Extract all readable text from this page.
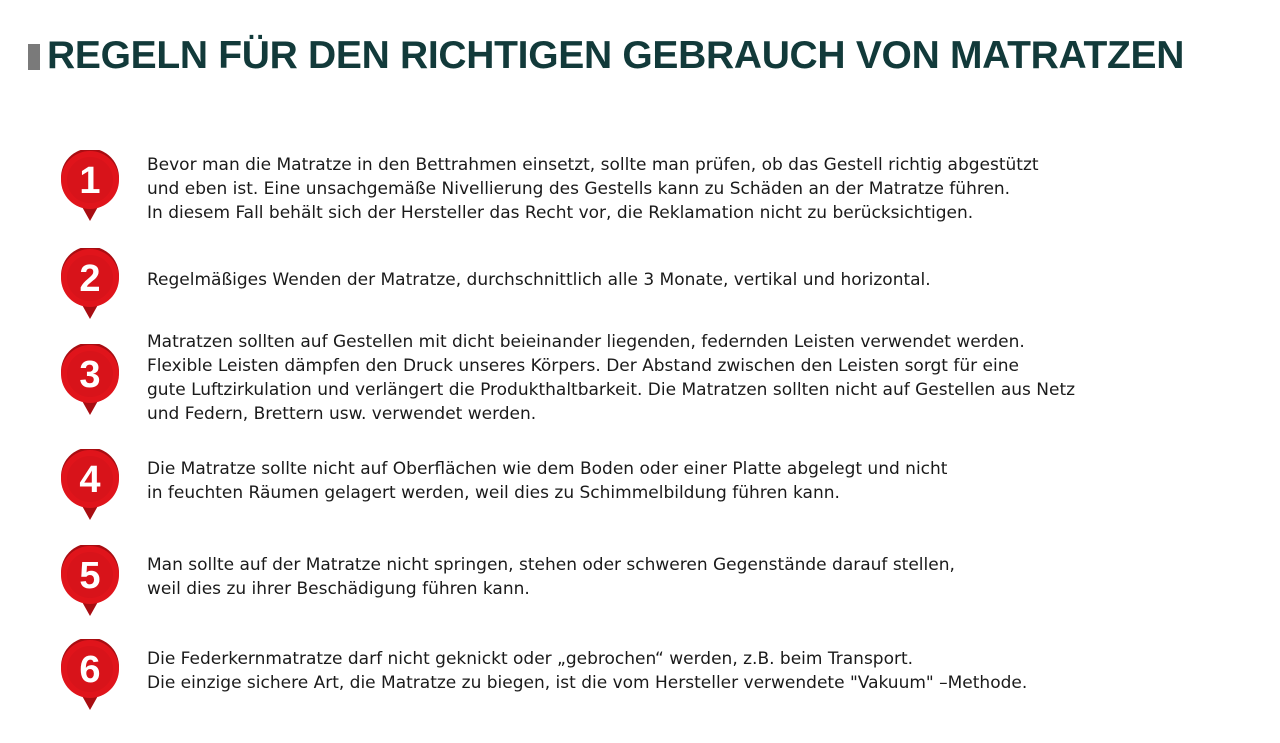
REGELN FÜR DEN RICHTIGEN GEBRAUCH VON MATRATZEN
1	Bevor man die Matratze in den Bettrahmen einsetzt, sollte man prüfen, ob das Gestell richtig abgestützt
und eben ist. Eine unsachgemäße Nivellierung des Gestells kann zu Schäden an der Matratze führen.
In diesem Fall behält sich der Hersteller das Recht vor, die Reklamation nicht zu berücksichtigen.

2	Regelmäßiges Wenden der Matratze, durchschnittlich alle 3 Monate, vertikal und horizontal.

3

Matratzen sollten auf Gestellen mit dicht beieinander liegenden, federnden Leisten verwendet werden.
Flexible Leisten dämpfen den Druck unseres Körpers. Der Abstand zwischen den Leisten sorgt für eine
gute Luftzirkulation und verlängert die Produkthaltbarkeit. Die Matratzen sollten nicht auf Gestellen aus Netz
und Federn, Brettern usw. verwendet werden.

4	Die Matratze sollte nicht auf Oberflächen wie dem Boden oder einer Platte abgelegt und nicht
in feuchten Räumen gelagert werden, weil dies zu Schimmelbildung führen kann.

5	Man sollte auf der Matratze nicht springen, stehen oder schweren Gegenstände darauf stellen,
weil dies zu ihrer Beschädigung führen kann.

6	Die Federkernmatratze darf nicht geknickt oder „gebrochen“ werden, z.B. beim Transport.
Die einzige sichere Art, die Matratze zu biegen, ist die vom Hersteller verwendete "Vakuum" –Methode.
